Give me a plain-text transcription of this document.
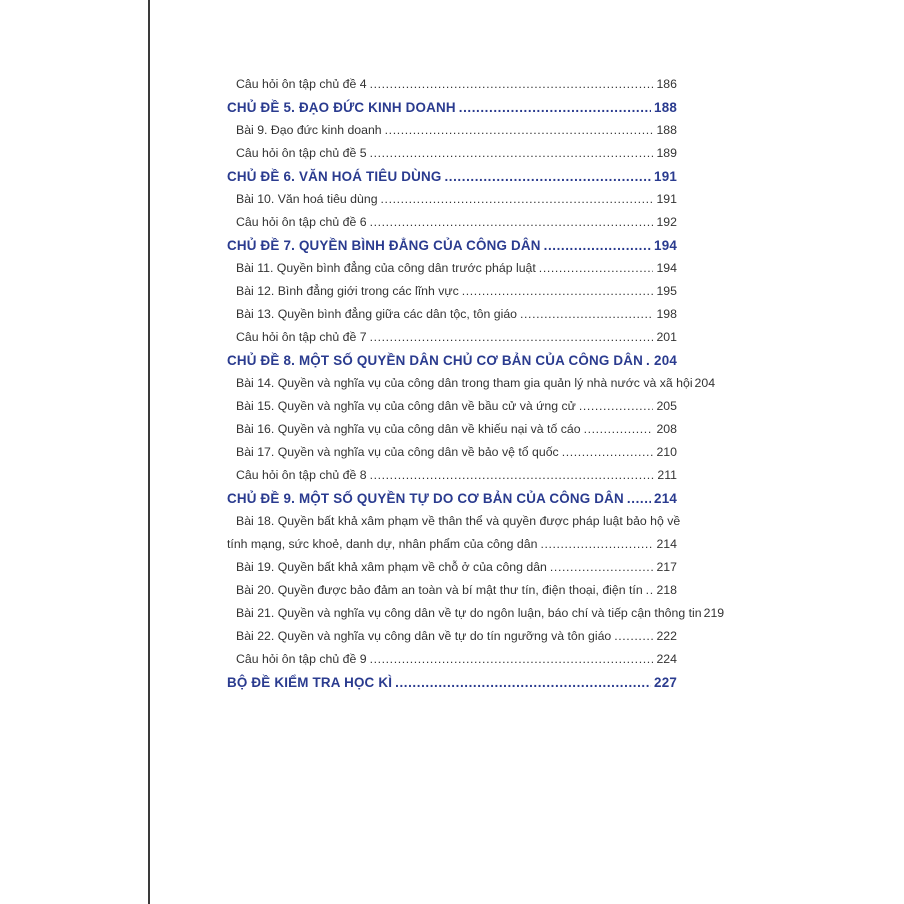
Câu hỏi ôn tập chủ đề 4 .....	186
CHỦ ĐỀ 5. ĐẠO ĐỨC KINH DOANH .....	188
Bài 9. Đạo đức kinh doanh .....	188
Câu hỏi ôn tập chủ đề 5 .....	189
CHỦ ĐỀ 6. VĂN HOÁ TIÊU DÙNG .....	191
Bài 10. Văn hoá tiêu dùng .....	191
Câu hỏi ôn tập chủ đề 6 .....	192
CHỦ ĐỀ 7. QUYỀN BÌNH ĐẲNG CỦA CÔNG DÂN .....	194
Bài 11. Quyền bình đẳng của công dân trước pháp luật .....	194
Bài 12. Bình đẳng giới trong các lĩnh vực .....	195
Bài 13. Quyền bình đẳng giữa các dân tộc, tôn giáo .....	198
Câu hỏi ôn tập chủ đề 7 .....	201
CHỦ ĐỀ 8. MỘT SỐ QUYỀN DÂN CHỦ CƠ BẢN CỦA CÔNG DÂN ..... 204
Bài 14. Quyền và nghĩa vụ của công dân trong tham gia quản lý nhà nước và xã hội 204
Bài 15. Quyền và nghĩa vụ của công dân về bầu cử và ứng cử .....	205
Bài 16. Quyền và nghĩa vụ của công dân về khiếu nại và tố cáo .....	208
Bài 17. Quyền và nghĩa vụ của công dân về bảo vệ tổ quốc .....	210
Câu hỏi ôn tập chủ đề 8 .....	211
CHỦ ĐỀ 9. MỘT SỐ QUYỀN TỰ DO CƠ BẢN CỦA CÔNG DÂN ..... 214
Bài 18. Quyền bất khả xâm phạm về thân thể và quyền được pháp luật bảo hộ về
tính mạng, sức khoẻ, danh dự, nhân phẩm của công dân .....	214
Bài 19. Quyền bất khả xâm phạm về chỗ ở của công dân .....	217
Bài 20. Quyền được bảo đảm an toàn và bí mật thư tín, điện thoại, điện tín ..... 218
Bài 21. Quyền và nghĩa vụ công dân về tự do ngôn luận, báo chí và tiếp cận thông tin 219
Bài 22. Quyền và nghĩa vụ công dân về tự do tín ngưỡng và tôn giáo .....	222
Câu hỏi ôn tập chủ đề 9 .....	224
BỘ ĐỀ KIỂM TRA HỌC KÌ .....	227
